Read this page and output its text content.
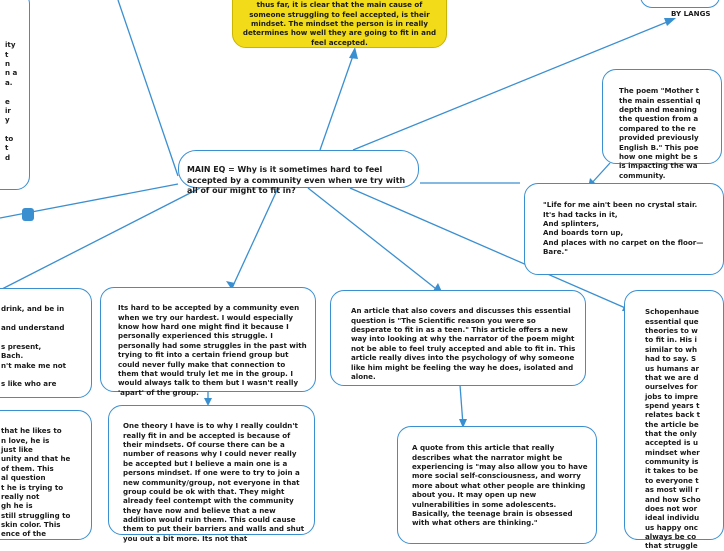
thus far, it is clear that the main cause of someone struggling to feel accepted, is their mindset. The mindset the person is in really determines how well they are going to fit in and feel accepted.

BY LANGS

ity
t
n
n a
a.

e
ir
y

to
t
d

MAIN EQ = Why is it sometimes hard to feel accepted by a community even when we try with all of our might to fit in?

The poem "Mother t
the main essential q
depth and meaning
the question from a
compared to the re
provided previously
English B." This poe
how one might be s
is impacting the wa
community.

"Life for me ain't been no crystal stair.
It's had tacks in it,
And splinters,
And boards torn up,
And places with no carpet on the floor—
Bare."

drink, and be in

and understand

s present,
Bach.
n't make me not

s like who are

that he likes to
n love, he is
just like
unity and that he
of them. This
al question
t he is trying to
really not
gh he is
still struggling to
skin color. This
ence of the

Its hard to be accepted by a community even when we try our hardest. I would especially know how hard one might find it because I personally experienced this struggle. I personally had some struggles in the past with trying to fit into a certain friend group but could never fully make that connection to them that would truly let me in the group. I would always talk to them but I wasn't really 'apart' of the group.

One theory I have is to why I really couldn't really fit in and be accepted is because of their mindsets. Of course there can be a number of reasons why I could never really be accepted but I believe a main one is a persons mindset. If one were to try to join a new community/group, not everyone in that group could be ok with that. They might already feel contempt with the community they have now and believe that a new addition would ruin them. This could cause them to put their barriers and walls and shut you out a bit more. Its not that

An article that also covers and discusses this essential question is "The Scientific reason you were so desperate to fit in as a teen." This article offers a new way into looking at why the narrator of the poem might not be able to feel truly accepted and able to fit in. This article really dives into the psychology of why someone like him might be feeling the way he does, isolated and alone.

A quote from this article that really describes what the narrator might be experiencing is "may also allow you to have more social self-consciousness, and worry more about what other people are thinking about you. It may open up new vulnerabilities in some adolescents. Basically, the teenage brain is obsessed with what others are thinking."

Schopenhaue
essential que
theories to w
to fit in. His i
similar to wh
had to say. S
us humans ar
that we are d
ourselves for
jobs to impre
spend years t
relates back t
the article be
that the only
accepted is u
mindset wher
community is
it takes to be
to everyone t
as most will r
and how Scho
does not wor
ideal individu
us happy onc
always be co
that struggle
